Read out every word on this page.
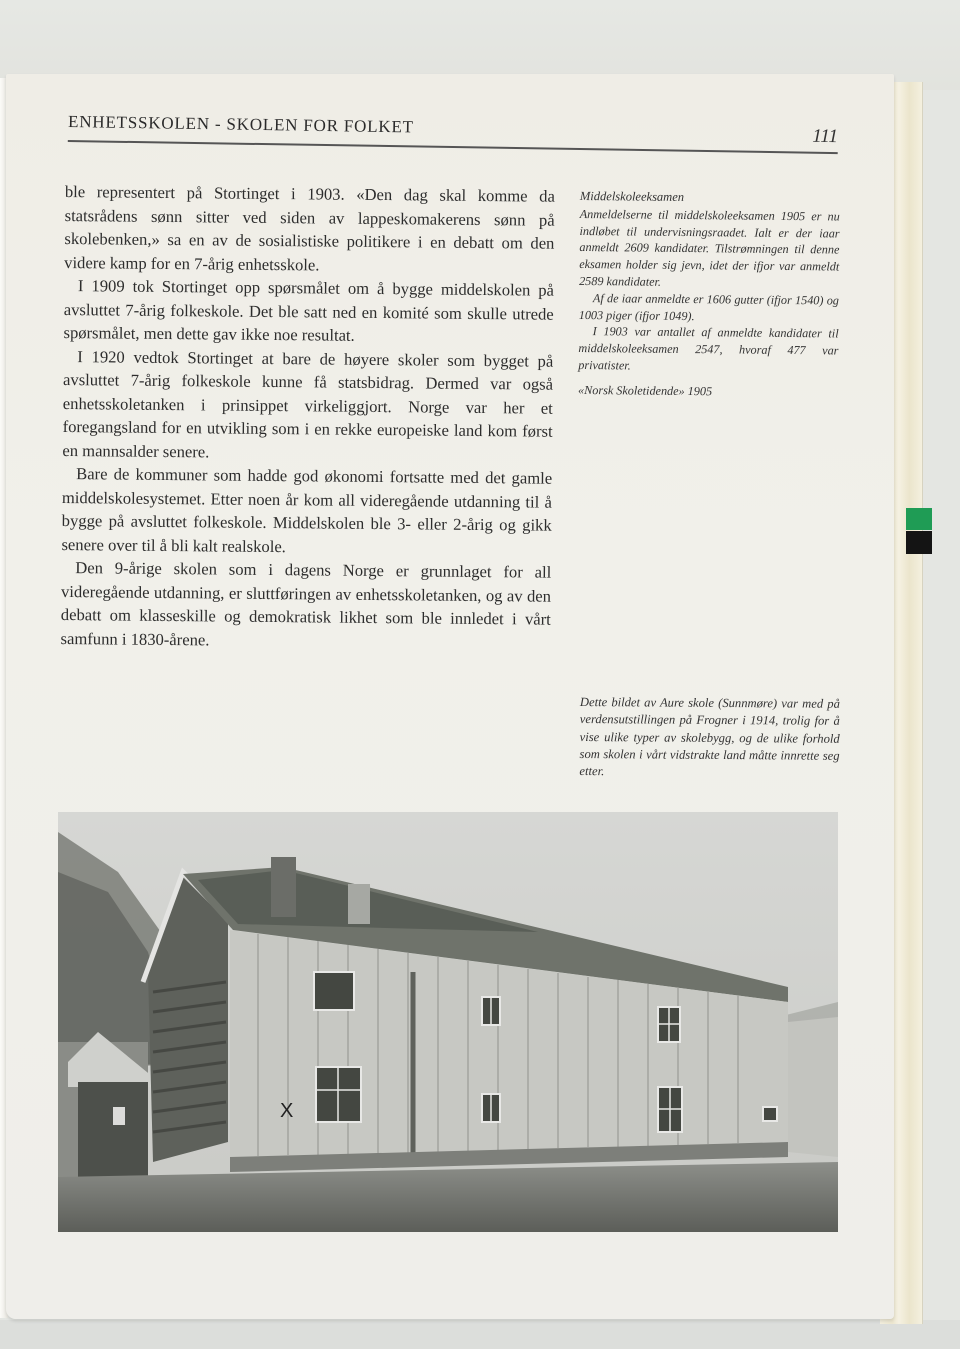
ENHETSSKOLEN - SKOLEN FOR FOLKET	111

ble representert på Stortinget i 1903. «Den dag skal komme da statsrådens sønn sitter ved siden av lappeskomakerens sønn på skolebenken,» sa en av de sosialistiske politikere i en debatt om den videre kamp for en 7-årig enhetsskole.

I 1909 tok Stortinget opp spørsmålet om å bygge middelskolen på avsluttet 7-årig folkeskole. Det ble satt ned en komité som skulle utrede spørsmålet, men dette gav ikke noe resultat.

I 1920 vedtok Stortinget at bare de høyere skoler som bygget på avsluttet 7-årig folkeskole kunne få statsbidrag. Dermed var også enhetsskoletanken i prinsippet virkeliggjort. Norge var her et foregangsland for en utvikling som i en rekke europeiske land kom først en mannsalder senere.

Bare de kommuner som hadde god økonomi fortsatte med det gamle middelskolesystemet. Etter noen år kom all videregående utdanning til å bygge på avsluttet folkeskole. Middelskolen ble 3- eller 2-årig og gikk senere over til å bli kalt realskole.

Den 9-årige skolen som i dagens Norge er grunnlaget for all videregående utdanning, er sluttføringen av enhetsskoletanken, og av den debatt om klasseskille og demokratisk likhet som ble innledet i vårt samfunn i 1830-årene.

Middelskoleeksamen

Anmeldelserne til middelskoleeksamen 1905 er nu indløbet til undervisningsraadet. Ialt er der iaar anmeldt 2609 kandidater. Tilstrømningen til denne eksamen holder sig jevn, idet der ifjor var anmeldt 2589 kandidater.

Af de iaar anmeldte er 1606 gutter (ifjor 1540) og 1003 piger (ifjor 1049).

I 1903 var antallet af anmeldte kandidater til middelskoleeksamen 2547, hvoraf 477 var privatister.

«Norsk Skoletidende» 1905

Dette bildet av Aure skole (Sunnmøre) var med på verdensutstillingen på Frogner i 1914, trolig for å vise ulike typer av skolebygg, og de ulike forhold som skolen i vårt vidstrakte land måtte innrette seg etter.
X
